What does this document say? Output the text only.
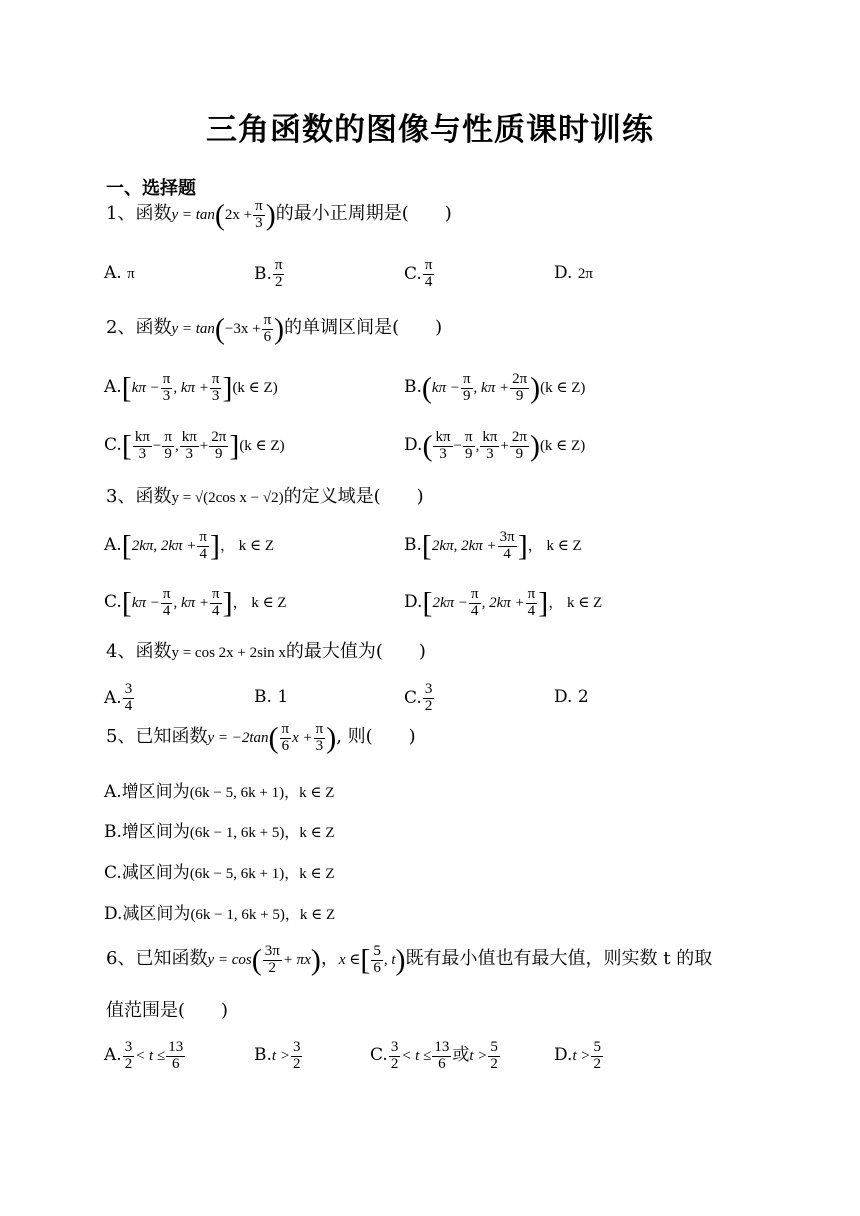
三角函数的图像与性质课时训练
一、选择题
1、函数$y = \tan(2x + \frac{\pi}{3}$ )的最小正周期是(　　)
A. π	B. $\frac{\pi}{2}$	C. $\frac{\pi}{4}$	D. 2π
2、函数$y = \tan(-3x + \frac{\pi}{6}$ )的单调区间是(　　)
$A.[k\pi - \frac{\pi}{3}$ , $k\pi + \frac{\pi}{3} ](k$ ∈ Z)	$B.(k\pi - \frac{\pi}{9}$ , $k\pi + \frac{2\pi}{9} )(k$ ∈ Z)
$C.[ \frac{k\pi}{3} - \frac{\pi}{9}$ , $\frac{k\pi}{3} + \frac{2\pi}{9} ](k$ ∈ Z)	$D.( \frac{k\pi}{3} - \frac{\pi}{9}$ , $\frac{k\pi}{3} + \frac{2\pi}{9} )(k$ ∈ Z)
3、函数y = √(2cos x − √2)的定义域是(　　)
A.[2kπ, $2k\pi + \frac{\pi}{4}$ ]， k ∈ Z	B.[2kπ, $2k\pi + \frac{3\pi}{4}$ ]， k ∈ Z
$C.[k\pi - \frac{\pi}{4}$ , $k\pi + \frac{\pi}{4}$ ]， k ∈ Z	$D.[2k\pi - \frac{\pi}{4}$ , $2k\pi + \frac{\pi}{4}$ ]， k ∈ Z
4、函数y = cos 2x + 2sin x的最大值为(　　)
A. $\frac{3}{4}$	B. 1	C. $\frac{3}{2}$	D. 2
5、已知函数$y = -2\tan( \frac{\pi}{6}$ $x + \frac{\pi}{3}$ ), 则(　　)
A.增区间为(6k − 5, 6k + 1)，k ∈ Z
B.增区间为(6k − 1, 6k + 5)，k ∈ Z
C.减区间为(6k − 5, 6k + 1)，k ∈ Z
D.减区间为(6k − 1, 6k + 5)，k ∈ Z
6、已知函数$y = \cos( \frac{3\pi}{2} + \pi x)$，x ∈[ $\frac{5}{6}$ , t)既有最小值也有最大值，则实数 t 的取
值范围是(　　)
A. $\frac{3}{2} < t \le \frac{13}{6}$	$B.t > \frac{3}{2}$	C. $\frac{3}{2} < t \le \frac{13}{6}$ 或$t > \frac{5}{2}$	$D.t > \frac{5}{2}$
